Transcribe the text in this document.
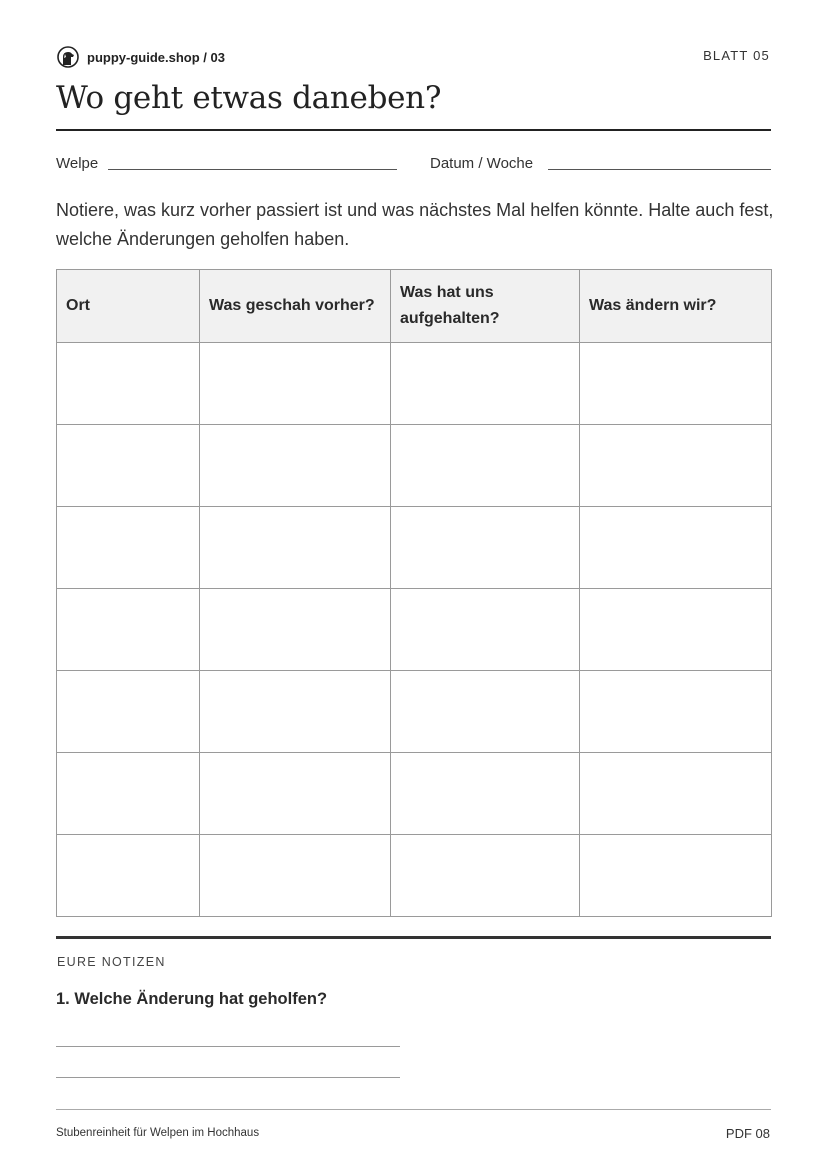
puppy-guide.shop / 03	BLATT 05
Wo geht etwas daneben?
Welpe	Datum / Woche
Notiere, was kurz vorher passiert ist und was nächstes Mal helfen könnte. Halte auch fest, welche Änderungen geholfen haben.
Ort	Was geschah vorher?	Was hat uns aufgehalten?	Was ändern wir?

EURE NOTIZEN
1. Welche Änderung hat geholfen?
Stubenreinheit für Welpen im Hochhaus	PDF 08
